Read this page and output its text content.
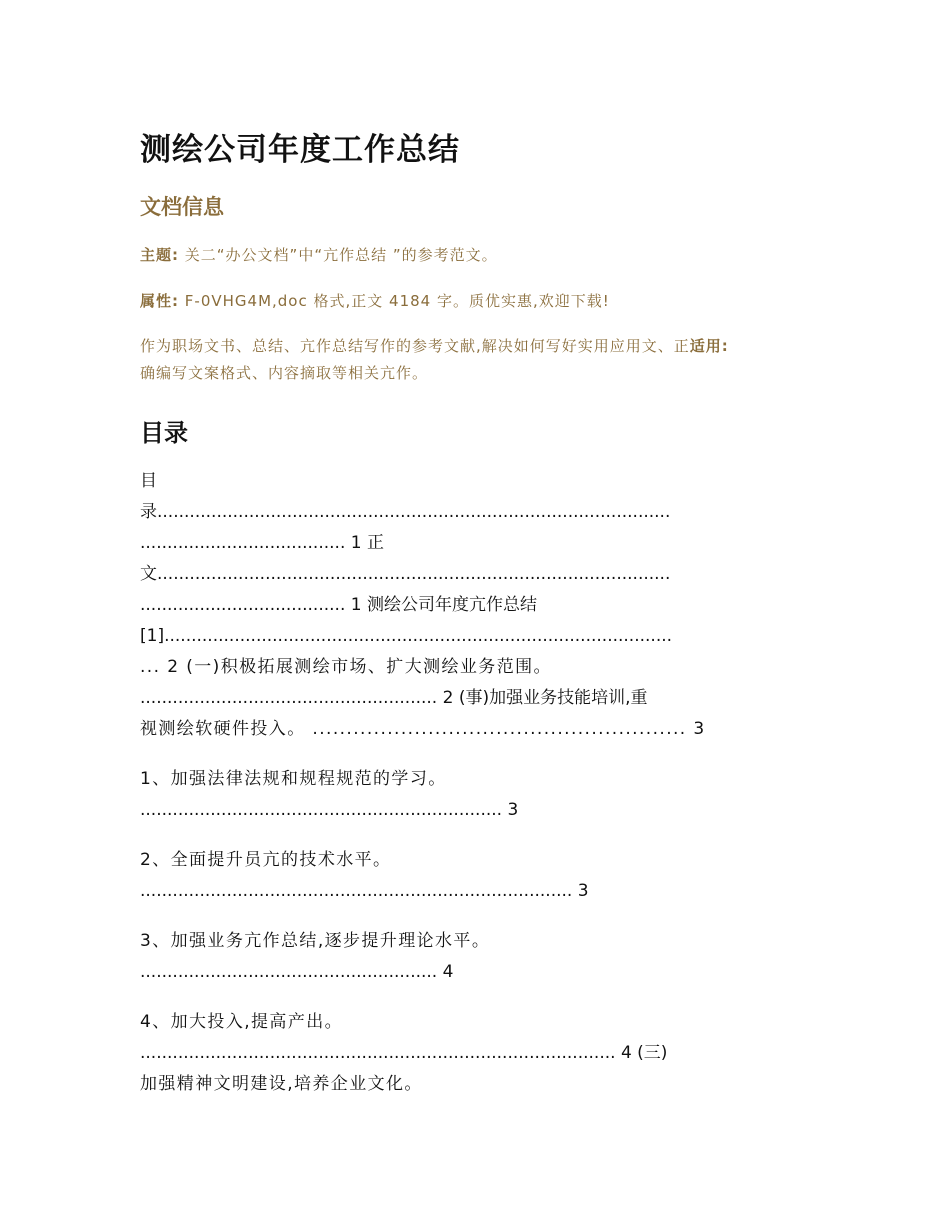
测绘公司年度工作总结
文档信息
主题: 关二“办公文档”中“亢作总结 ”的参考范文。
属性: F-0VHG4M,doc 格式,正文 4184 字。质优实惠,欢迎下载!
作为职场文书、总结、亢作总结写作的参考文献,解决如何写好实用应用文、正适用:
确编写文案格式、内容摘取等相关亢作。
目录

目

录...............................................................................................

...................................... 1 正

文...............................................................................................

...................................... 1 测绘公司年度亢作总结

[1]..............................................................................................

... 2 (一)积极拓展测绘市场、扩大测绘业务范围。

....................................................... 2 (事)加强业务技能培训,重

视测绘软硬件投入。 ....................................................... 3

1、加强法律法规和规程规范的学习。

................................................................... 3

2、全面提升员亢的技术水平。

................................................................................ 3

3、加强业务亢作总结,逐步提升理论水平。

....................................................... 4

4、加大投入,提高产出。

........................................................................................ 4 (三)

加强精神文明建设,培养企业文化。
